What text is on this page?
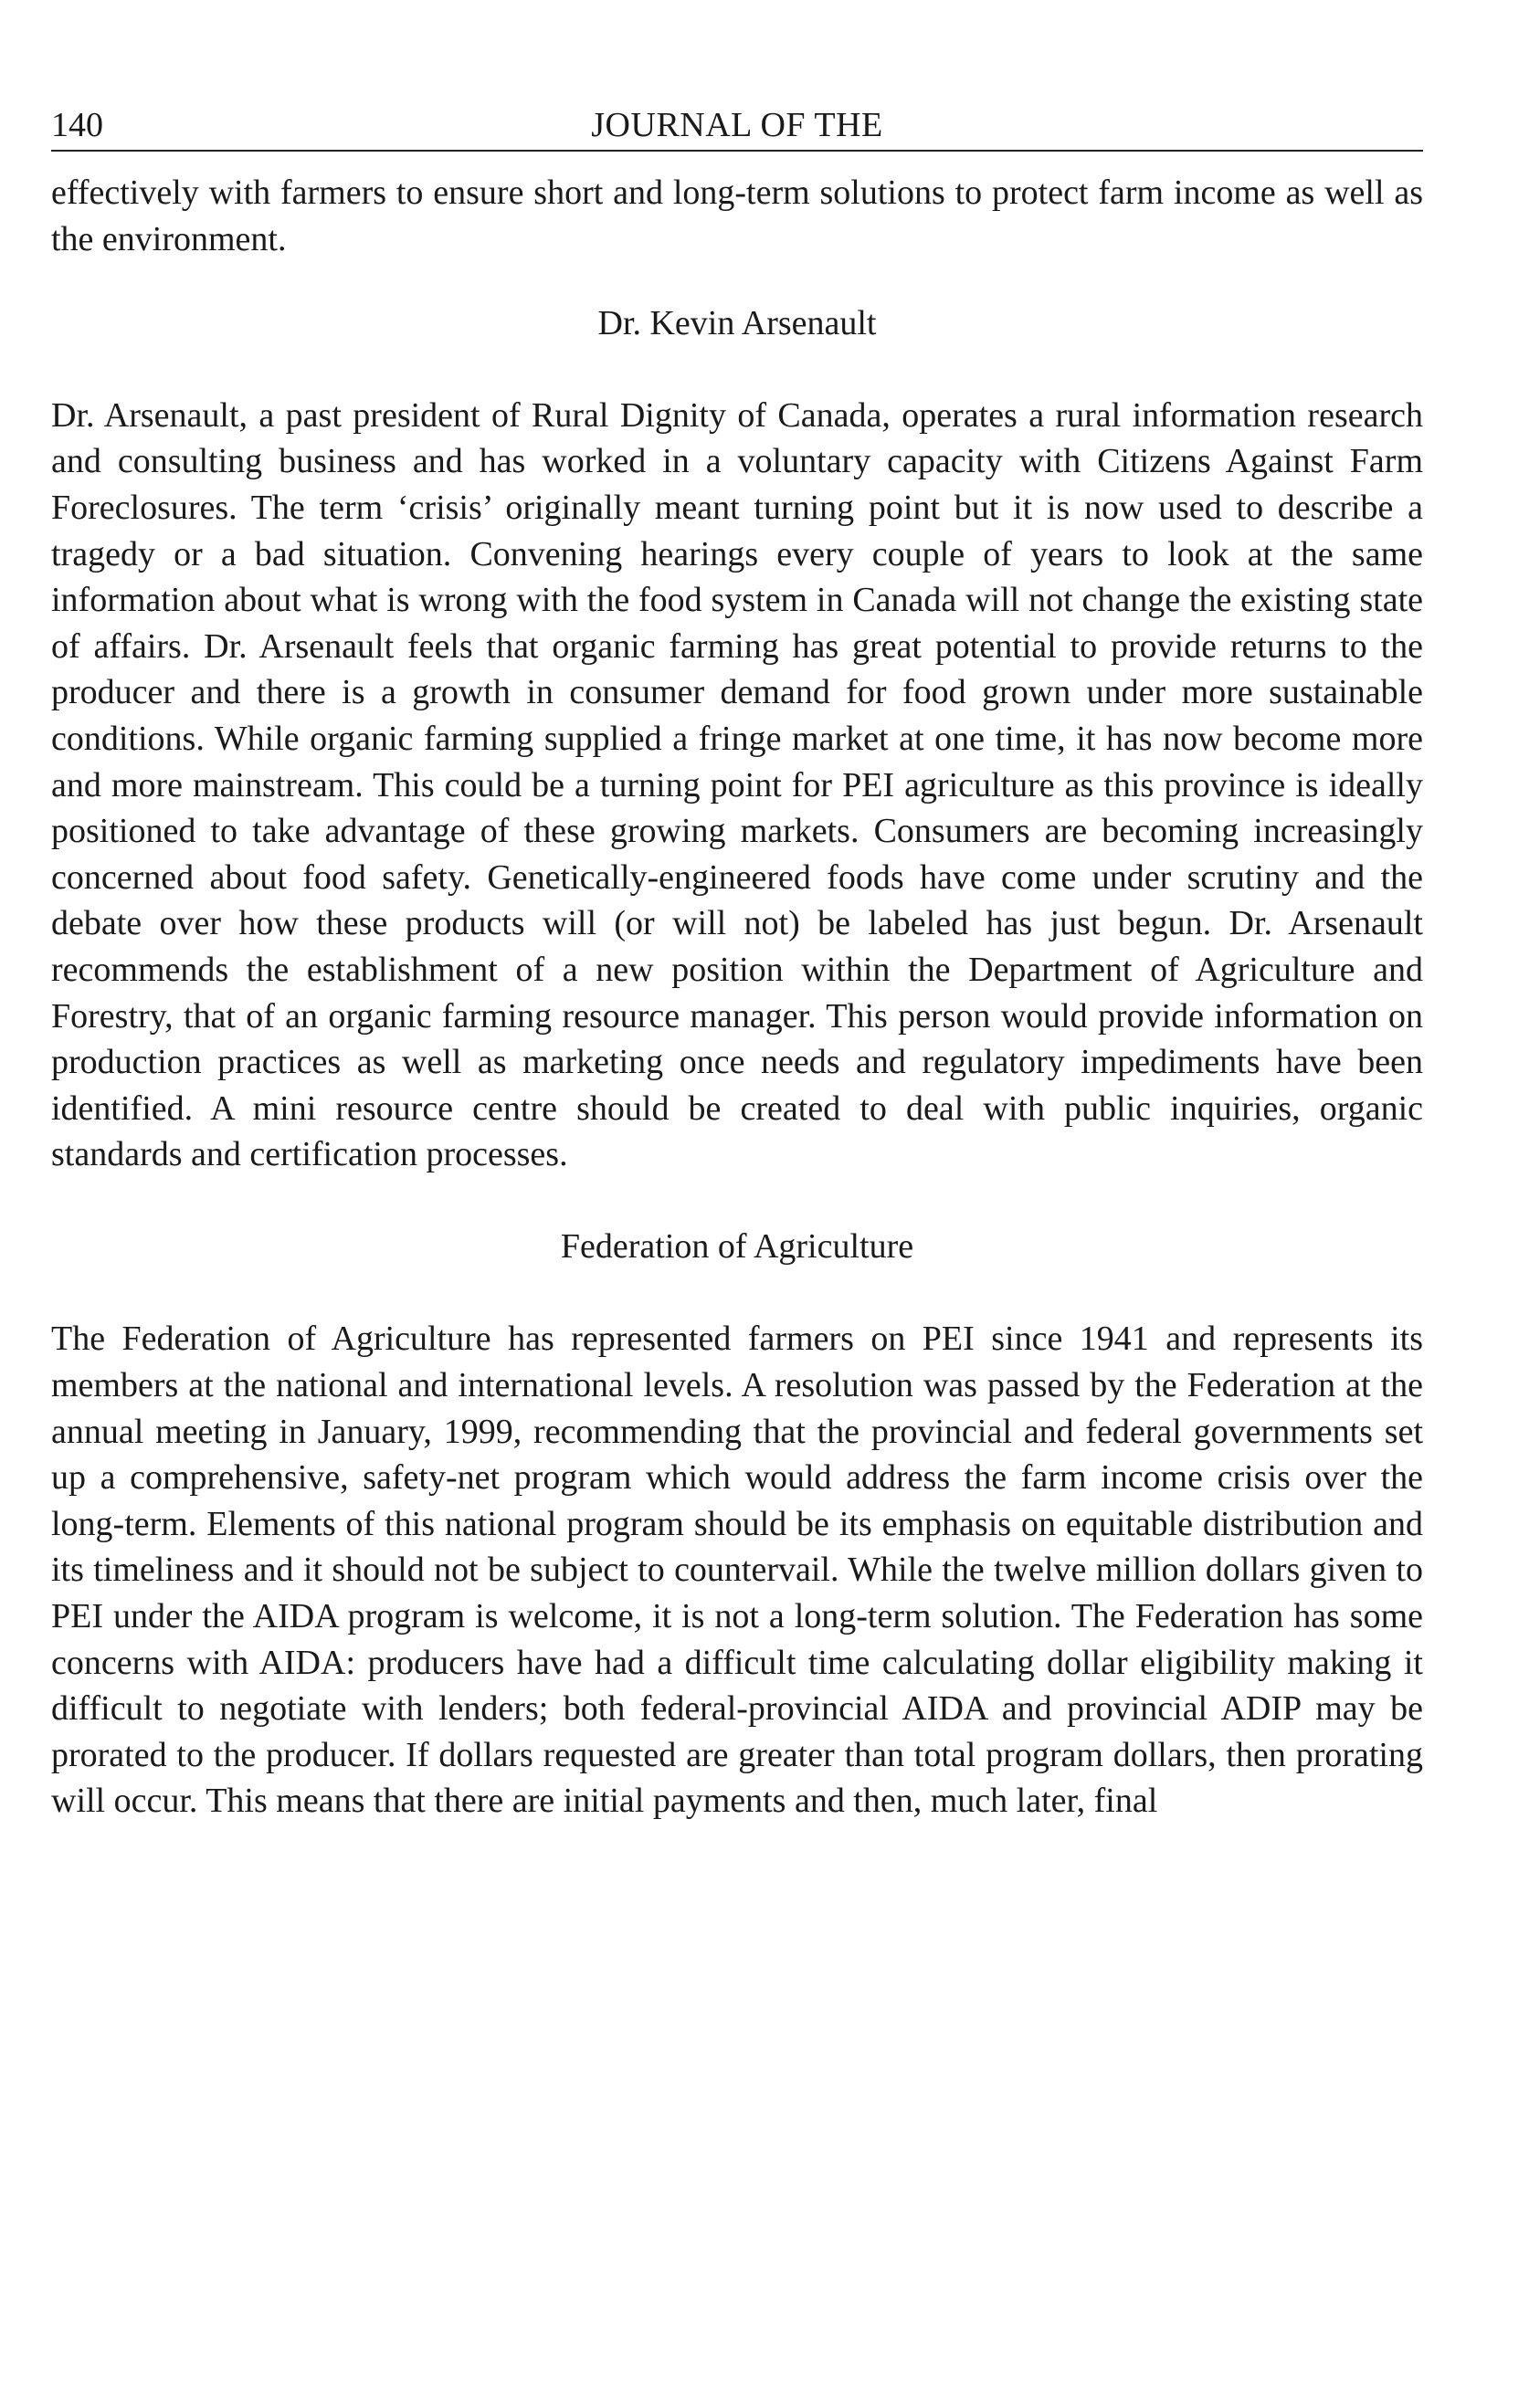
140	JOURNAL OF THE

effectively with farmers to ensure short and long-term solutions to protect farm income as well as the environment.

Dr. Kevin Arsenault

Dr. Arsenault, a past president of Rural Dignity of Canada, operates a rural information research and consulting business and has worked in a voluntary capacity with Citizens Against Farm Foreclosures. The term ‘crisis’ originally meant turning point but it is now used to describe a tragedy or a bad situation. Convening hearings every couple of years to look at the same information about what is wrong with the food system in Canada will not change the existing state of affairs. Dr. Arsenault feels that organic farming has great potential to provide returns to the producer and there is a growth in consumer demand for food grown under more sustainable conditions. While organic farming supplied a fringe market at one time, it has now become more and more mainstream. This could be a turning point for PEI agriculture as this province is ideally positioned to take advantage of these growing markets. Consumers are becoming increasingly concerned about food safety. Genetically-engineered foods have come under scrutiny and the debate over how these products will (or will not) be labeled has just begun. Dr. Arsenault recommends the establishment of a new position within the Department of Agriculture and Forestry, that of an organic farming resource manager. This person would provide information on production practices as well as marketing once needs and regulatory impediments have been identified. A mini resource centre should be created to deal with public inquiries, organic standards and certification processes.

Federation of Agriculture

The Federation of Agriculture has represented farmers on PEI since 1941 and represents its members at the national and international levels. A resolution was passed by the Federation at the annual meeting in January, 1999, recommending that the provincial and federal governments set up a comprehensive, safety-net program which would address the farm income crisis over the long-term. Elements of this national program should be its emphasis on equitable distribution and its timeliness and it should not be subject to countervail. While the twelve million dollars given to PEI under the AIDA program is welcome, it is not a long-term solution. The Federation has some concerns with AIDA: producers have had a difficult time calculating dollar eligibility making it difficult to negotiate with lenders; both federal-provincial AIDA and provincial ADIP may be prorated to the producer. If dollars requested are greater than total program dollars, then prorating will occur. This means that there are initial payments and then, much later, final
